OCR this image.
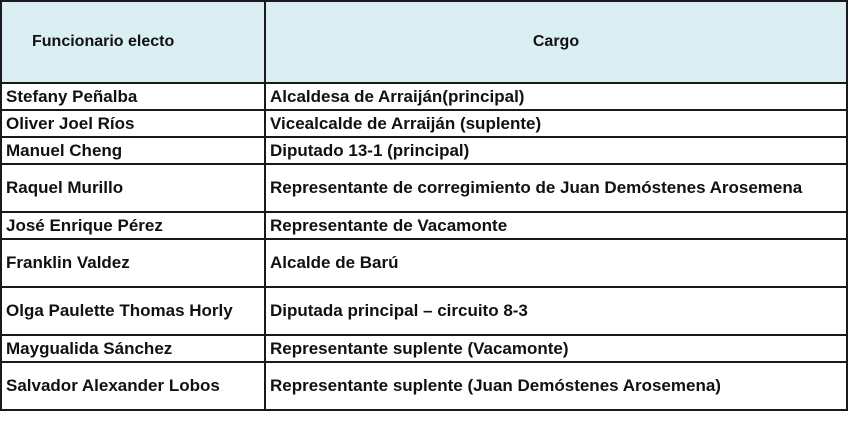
Funcionario electo	Cargo
Stefany Peñalba	Alcaldesa de Arraiján(principal)
Oliver Joel Ríos	Vicealcalde de Arraiján (suplente)
Manuel Cheng	Diputado 13-1 (principal)
Raquel Murillo	Representante de corregimiento de Juan Demóstenes Arosemena
José Enrique Pérez	Representante de Vacamonte
Franklin Valdez	Alcalde de Barú
Olga Paulette Thomas Horly	Diputada principal – circuito 8-3
Maygualida Sánchez	Representante suplente (Vacamonte)
Salvador Alexander Lobos	Representante suplente (Juan Demóstenes Arosemena)
